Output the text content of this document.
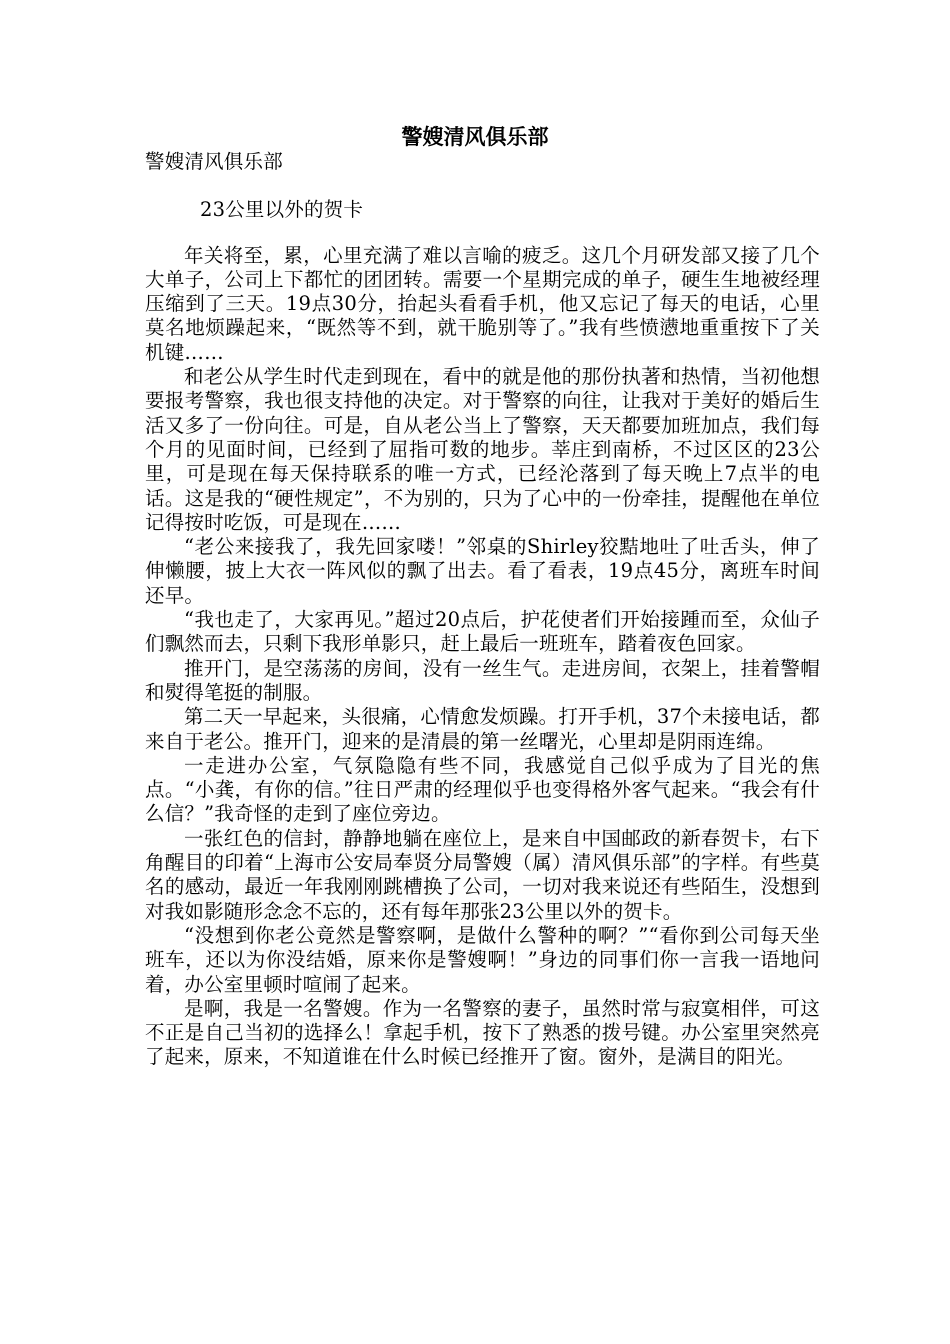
警嫂清风俱乐部

警嫂清风俱乐部

23公里以外的贺卡

年关将至，累，心里充满了难以言喻的疲乏。这几个月研发部又接了几个大单子，公司上下都忙的团团转。需要一个星期完成的单子，硬生生地被经理压缩到了三天。19点30分，抬起头看看手机，他又忘记了每天的电话，心里莫名地烦躁起来，“既然等不到，就干脆别等了。”我有些愤懑地重重按下了关机键……

和老公从学生时代走到现在，看中的就是他的那份执著和热情，当初他想要报考警察，我也很支持他的决定。对于警察的向往，让我对于美好的婚后生活又多了一份向往。可是，自从老公当上了警察，天天都要加班加点，我们每个月的见面时间，已经到了屈指可数的地步。莘庄到南桥，不过区区的23公里，可是现在每天保持联系的唯一方式，已经沦落到了每天晚上7点半的电话。这是我的“硬性规定”，不为别的，只为了心中的一份牵挂，提醒他在单位记得按时吃饭，可是现在……

“老公来接我了，我先回家喽！”邻桌的Shirley狡黠地吐了吐舌头，伸了伸懒腰，披上大衣一阵风似的飘了出去。看了看表，19点45分，离班车时间还早。

“我也走了，大家再见。”超过20点后，护花使者们开始接踵而至，众仙子们飘然而去，只剩下我形单影只，赶上最后一班班车，踏着夜色回家。

推开门，是空荡荡的房间，没有一丝生气。走进房间，衣架上，挂着警帽和熨得笔挺的制服。

第二天一早起来，头很痛，心情愈发烦躁。打开手机，37个未接电话，都来自于老公。推开门，迎来的是清晨的第一丝曙光，心里却是阴雨连绵。

一走进办公室，气氛隐隐有些不同，我感觉自己似乎成为了目光的焦点。“小龚，有你的信。”往日严肃的经理似乎也变得格外客气起来。“我会有什么信？”我奇怪的走到了座位旁边。

一张红色的信封，静静地躺在座位上，是来自中国邮政的新春贺卡，右下角醒目的印着“上海市公安局奉贤分局警嫂（属）清风俱乐部”的字样。有些莫名的感动，最近一年我刚刚跳槽换了公司，一切对我来说还有些陌生，没想到对我如影随形念念不忘的，还有每年那张23公里以外的贺卡。

“没想到你老公竟然是警察啊，是做什么警种的啊？”“看你到公司每天坐班车，还以为你没结婚，原来你是警嫂啊！”身边的同事们你一言我一语地问着，办公室里顿时喧闹了起来。

是啊，我是一名警嫂。作为一名警察的妻子，虽然时常与寂寞相伴，可这不正是自己当初的选择么！拿起手机，按下了熟悉的拨号键。办公室里突然亮了起来，原来，不知道谁在什么时候已经推开了窗。窗外，是满目的阳光。
